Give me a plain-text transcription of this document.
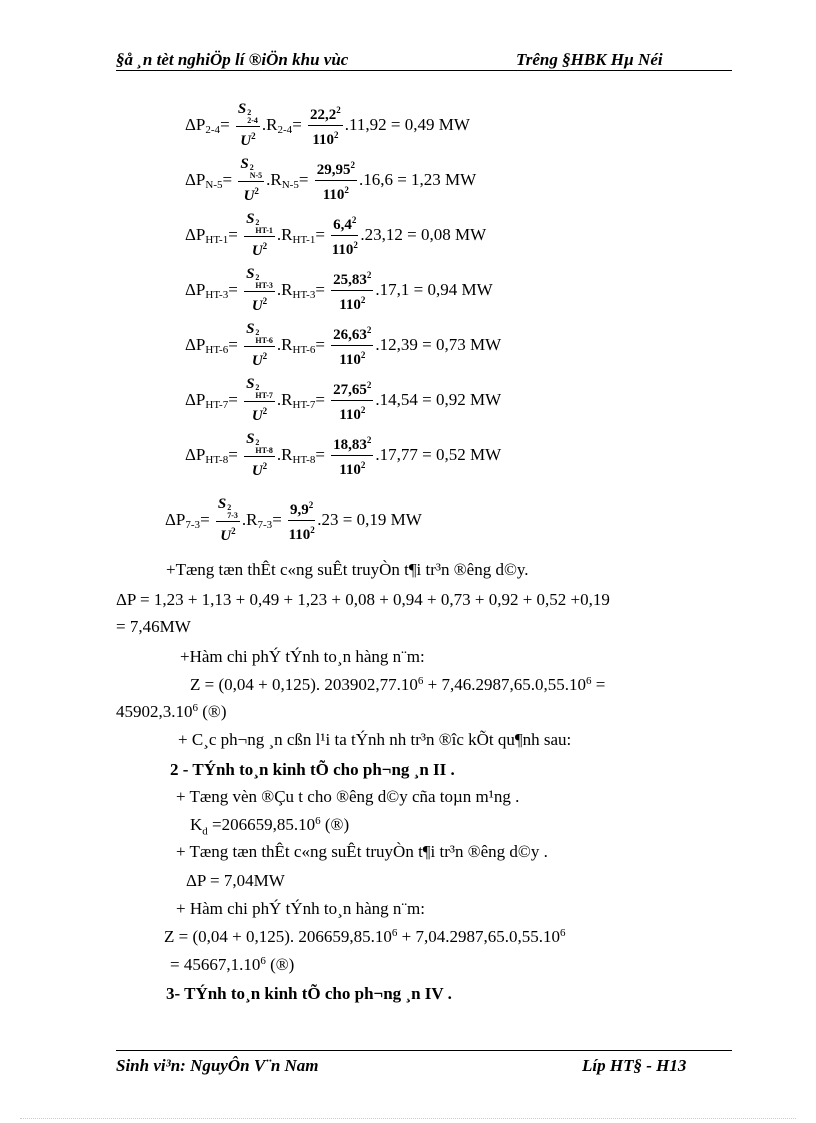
§å ¸n tèt nghiÖp lí ®iÖn khu vùc	Trêng §HBK Hµ Néi
$\Delta P_{2-4}$ =
S 2
2-4
$U^2$ $.R_{2-4}$ =
$\frac{22,2^2}{110^2} .11,92 = 0,49$ MW
$\Delta P_{N-5}$ =
S 2
N-5
$U^2$ $.R_{N-5}$ =
$\frac{29,95^2}{110^2} .16,6 = 1,23$ MW
$\Delta P_{HT-1}$ =
S 2
HT-1
$U^2$ $.R_{HT-1}$ =
$\frac{6,4^2}{110^2} .23,12 = 0,08$ MW
$\Delta P_{HT-3}$ =
S 2
HT-3
$U^2$ $.R_{HT-3}$ =
$\frac{25,83^2}{110^2} .17,1 = 0,94$ MW
$\Delta P_{HT-6}$ =
S 2
HT-6
$U^2$ $.R_{HT-6}$ =
$\frac{26,63^2}{110^2} .12,39 = 0,73$ MW
$\Delta P_{HT-7}$ =
S 2
HT-7
$U^2$ $.R_{HT-7}$ =
$\frac{27,65^2}{110^2} .14,54 = 0,92$ MW
$\Delta P_{HT-8}$ =
S 2
HT-8
$U^2$ $.R_{HT-8}$ =
$\frac{18,83^2}{110^2} .17,77 = 0,52$ MW
$\Delta P_{7-3}$ =
S 2
7-3
$U^2$ $.R_{7-3}$ =
$\frac{9,9^2}{110^2} .23 = 0,19$ MW
+Tæng tæn thÊt c«ng suÊt truyÒn t¶i tr³n ®êng d©y.
ΔP = 1,23 + 1,13 + 0,49 + 1,23 + 0,08 + 0,94 + 0,73 + 0,92 + 0,52 +0,19
= 7,46MW
+Hàm chi phÝ tÝnh to¸n hàng n¨m:
Z = (0,04 + 0,125). $203902,77.10^6 + 7,46.2987,65.0,55.10^6$ =
$45902,3.10^6$ (®)
+ C¸c ph¬ng ¸n cßn l¹i ta tÝnh nh tr³n ®îc kÕt qu¶nh sau:
2 - TÝnh to¸n kinh tÕ cho ph¬ng ¸n II .
+ Tæng vèn ®Çu t cho ®êng d©y cña toµn m¹ng .
$K_d =206659,85.10^6$ (®)
+ Tæng tæn thÊt c«ng suÊt truyÒn t¶i tr³n ®êng d©y .
ΔP = 7,04MW
+ Hàm chi phÝ tÝnh to¸n hàng n¨m:
Z = (0,04 + 0,125). $206659,85.10^6 + 7,04.2987,65.0,55.10^6$
= $45667,1.10^6$ (®)
3- TÝnh to¸n kinh tÕ cho ph¬ng ¸n IV .
Sinh vi³n: NguyÔn V¨n Nam	Líp HT§ - H13
